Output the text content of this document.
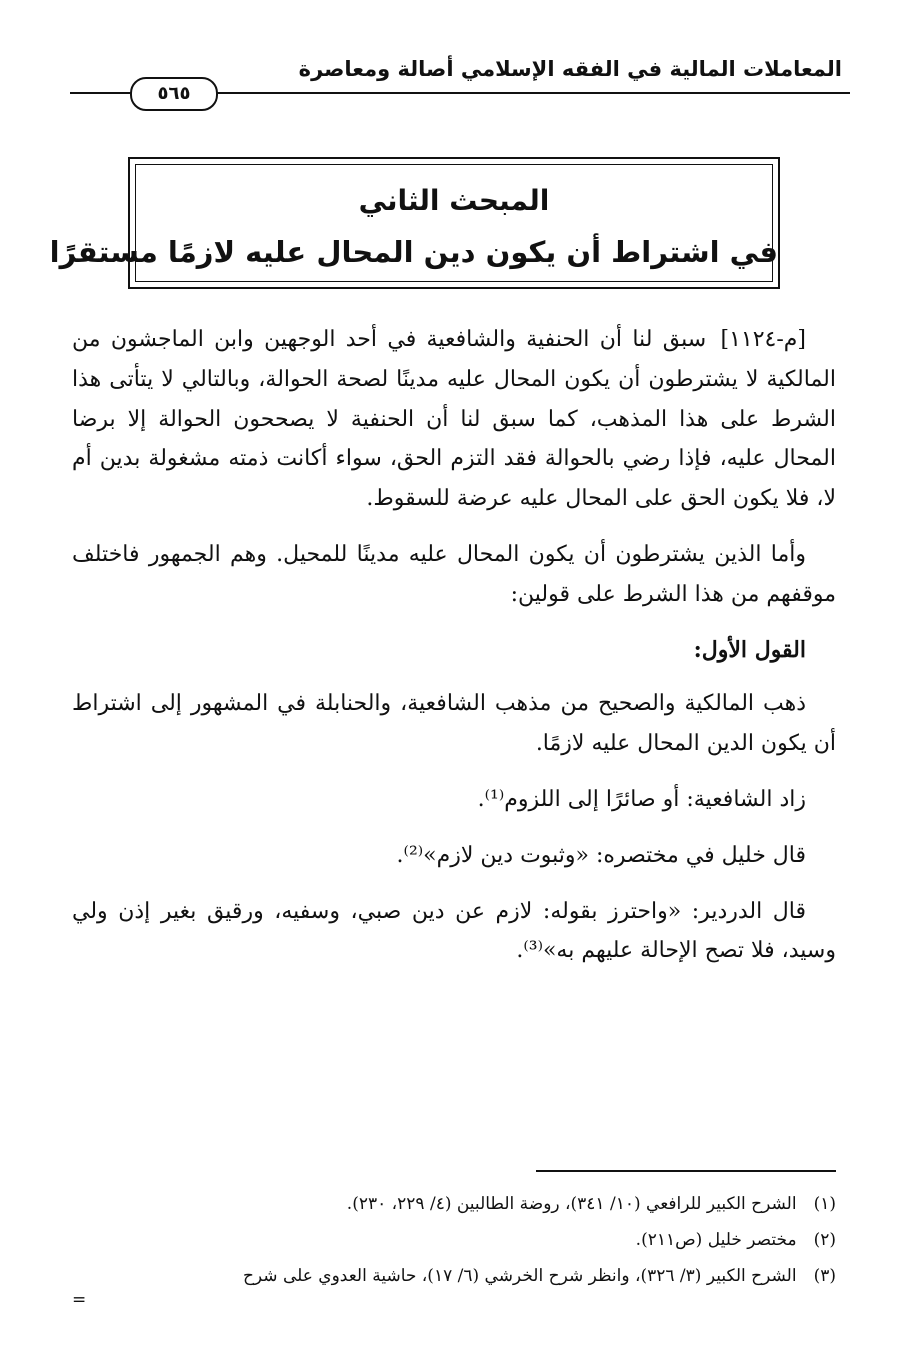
المعاملات المالية في الفقه الإسلامي أصالة ومعاصرة
٥٦٥
المبحث الثاني
في اشتراط أن يكون دين المحال عليه لازمًا مستقرًا

[م-١١٢٤] سبق لنا أن الحنفية والشافعية في أحد الوجهين وابن الماجشون من المالكية لا يشترطون أن يكون المحال عليه مدينًا لصحة الحوالة، وبالتالي لا يتأتى هذا الشرط على هذا المذهب، كما سبق لنا أن الحنفية لا يصححون الحوالة إلا برضا المحال عليه، فإذا رضي بالحوالة فقد التزم الحق، سواء أكانت ذمته مشغولة بدين أم لا، فلا يكون الحق على المحال عليه عرضة للسقوط.

وأما الذين يشترطون أن يكون المحال عليه مدينًا للمحيل. وهم الجمهور فاختلف موقفهم من هذا الشرط على قولين:

القول الأول:

ذهب المالكية والصحيح من مذهب الشافعية، والحنابلة في المشهور إلى اشتراط أن يكون الدين المحال عليه لازمًا.

زاد الشافعية: أو صائرًا إلى اللزوم⁽¹⁾.

قال خليل في مختصره: «وثبوت دين لازم»⁽²⁾.

قال الدردير: «واحترز بقوله: لازم عن دين صبي، وسفيه، ورقيق بغير إذن ولي وسيد، فلا تصح الإحالة عليهم به»⁽³⁾.

(١) الشرح الكبير للرافعي (١٠/ ٣٤١)، روضة الطالبين (٤/ ٢٢٩، ٢٣٠).
(٢) مختصر خليل (ص٢١١).
(٣) الشرح الكبير (٣/ ٣٢٦)، وانظر شرح الخرشي (٦/ ١٧)، حاشية العدوي على شرح
=
